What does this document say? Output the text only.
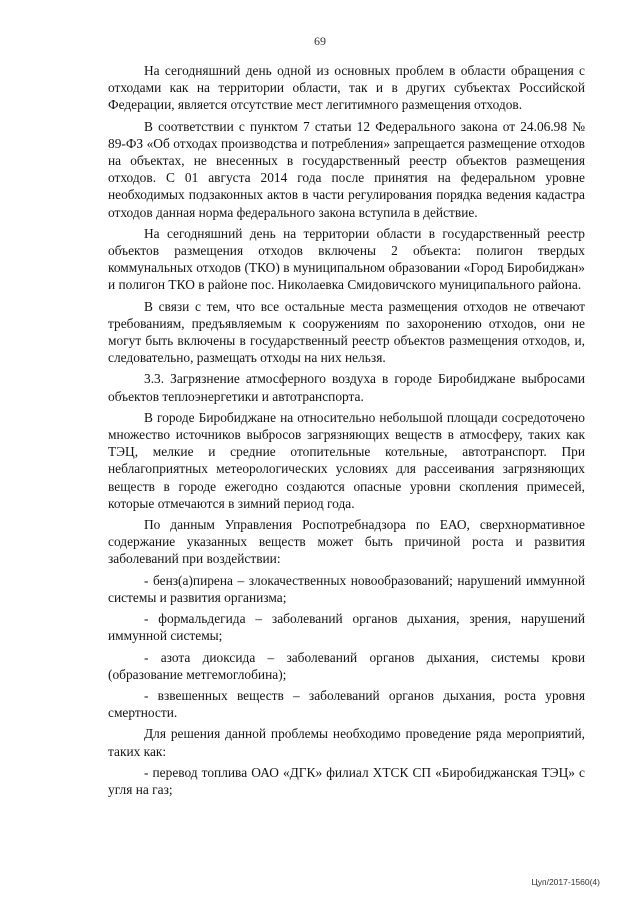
69

На сегодняшний день одной из основных проблем в области обращения с отходами как на территории области, так и в других субъектах Российской Федерации, является отсутствие мест легитимного размещения отходов.

В соответствии с пунктом 7 статьи 12 Федерального закона от 24.06.98 № 89-ФЗ «Об отходах производства и потребления» запрещается размещение отходов на объектах, не внесенных в государственный реестр объектов размещения отходов. С 01 августа 2014 года после принятия на федеральном уровне необходимых подзаконных актов в части регулирования порядка ведения кадастра отходов данная норма федерального закона вступила в действие.

На сегодняшний день на территории области в государственный реестр объектов размещения отходов включены 2 объекта: полигон твердых коммунальных отходов (ТКО) в муниципальном образовании «Город Биробиджан» и полигон ТКО в районе пос. Николаевка Смидовичского муниципального района.

В связи с тем, что все остальные места размещения отходов не отвечают требованиям, предъявляемым к сооружениям по захоронению отходов, они не могут быть включены в государственный реестр объектов размещения отходов, и, следовательно, размещать отходы на них нельзя.

3.3. Загрязнение атмосферного воздуха в городе Биробиджане выбросами объектов теплоэнергетики и автотранспорта.

В городе Биробиджане на относительно небольшой площади сосредоточено множество источников выбросов загрязняющих веществ в атмосферу, таких как ТЭЦ, мелкие и средние отопительные котельные, автотранспорт. При неблагоприятных метеорологических условиях для рассеивания загрязняющих веществ в городе ежегодно создаются опасные уровни скопления примесей, которые отмечаются в зимний период года.

По данным Управления Роспотребнадзора по ЕАО, сверхнормативное содержание указанных веществ может быть причиной роста и развития заболеваний при воздействии:

- бенз(а)пирена – злокачественных новообразований; нарушений иммунной системы и развития организма;

- формальдегида – заболеваний органов дыхания, зрения, нарушений иммунной системы;

- азота диоксида – заболеваний органов дыхания, системы крови (образование метгемоглобина);

- взвешенных веществ – заболеваний органов дыхания, роста уровня смертности.

Для решения данной проблемы необходимо проведение ряда мероприятий, таких как:

- перевод топлива ОАО «ДГК» филиал ХТСК СП «Биробиджанская ТЭЦ» с угля на газ;

Цуп/2017-1560(4)
